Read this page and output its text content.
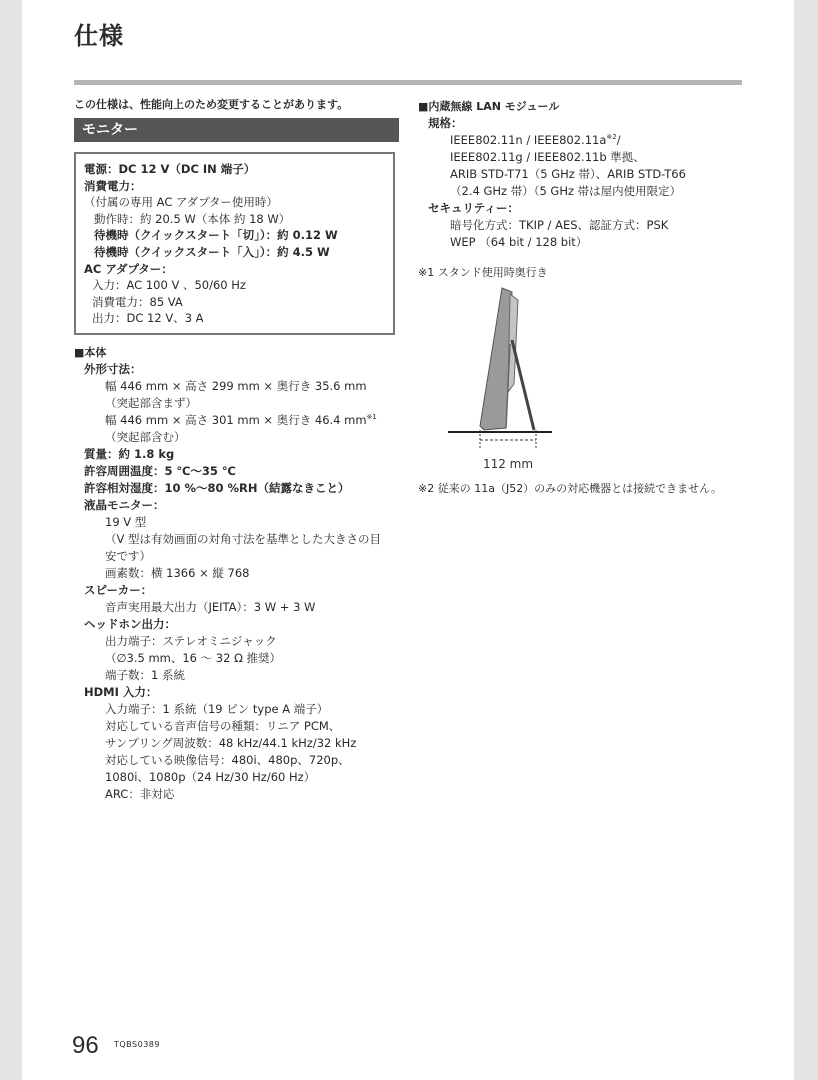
仕様
この仕様は、性能向上のため変更することがあります。
モニター
電源：DC 12 V（DC IN 端子）
消費電力：
（付属の専用 AC アダプター使用時）
動作時：約 20.5 W（本体 約 18 W）
待機時（クイックスタート「切」）：約 0.12 W
待機時（クイックスタート「入」）：約 4.5 W
AC アダプター：
入力：AC 100 V 、50/60 Hz
消費電力：85 VA
出力：DC 12 V、3 A
■本体
外形寸法：
幅 446 mm × 高さ 299 mm × 奥行き 35.6 mm
（突起部含まず）
幅 446 mm × 高さ 301 mm × 奥行き 46.4 $mm^{※1}$
（突起部含む）
質量：約 1.8 kg
許容周囲温度：5 ℃～35 ℃
許容相対湿度：10 %～80 %RH（結露なきこと）
液晶モニター：
19 V 型
（V 型は有効画面の対角寸法を基準とした大きさの目
安です）
画素数：横 1366 × 縦 768
スピーカー：
音声実用最大出力（JEITA）：3 W + 3 W
ヘッドホン出力：
出力端子：ステレオミニジャック
（∅3.5 mm、16 ～ 32 Ω 推奨）
端子数：1 系統
HDMI 入力：
入力端子：1 系統（19 ピン type A 端子）
対応している音声信号の種類：リニア PCM、
サンプリング周波数：48 kHz/44.1 kHz/32 kHz
対応している映像信号：480i、480p、720p、
1080i、1080p（24 Hz/30 Hz/60 Hz）
ARC：非対応
■内蔵無線 LAN モジュール
規格：
IEEE802.11n / $IEEE802.11a^{※2}/$
IEEE802.11g / IEEE802.11b 準拠、
ARIB STD-T71（5 GHz 帯）、ARIB STD-T66
（2.4 GHz 帯）（5 GHz 帯は屋内使用限定）
セキュリティー：
暗号化方式：TKIP / AES、認証方式：PSK
WEP （64 bit / 128 bit）
※1 スタンド使用時奥行き
112 mm
※2 従来の 11a（J52）のみの対応機器とは接続できません。
96 TQBS0389
